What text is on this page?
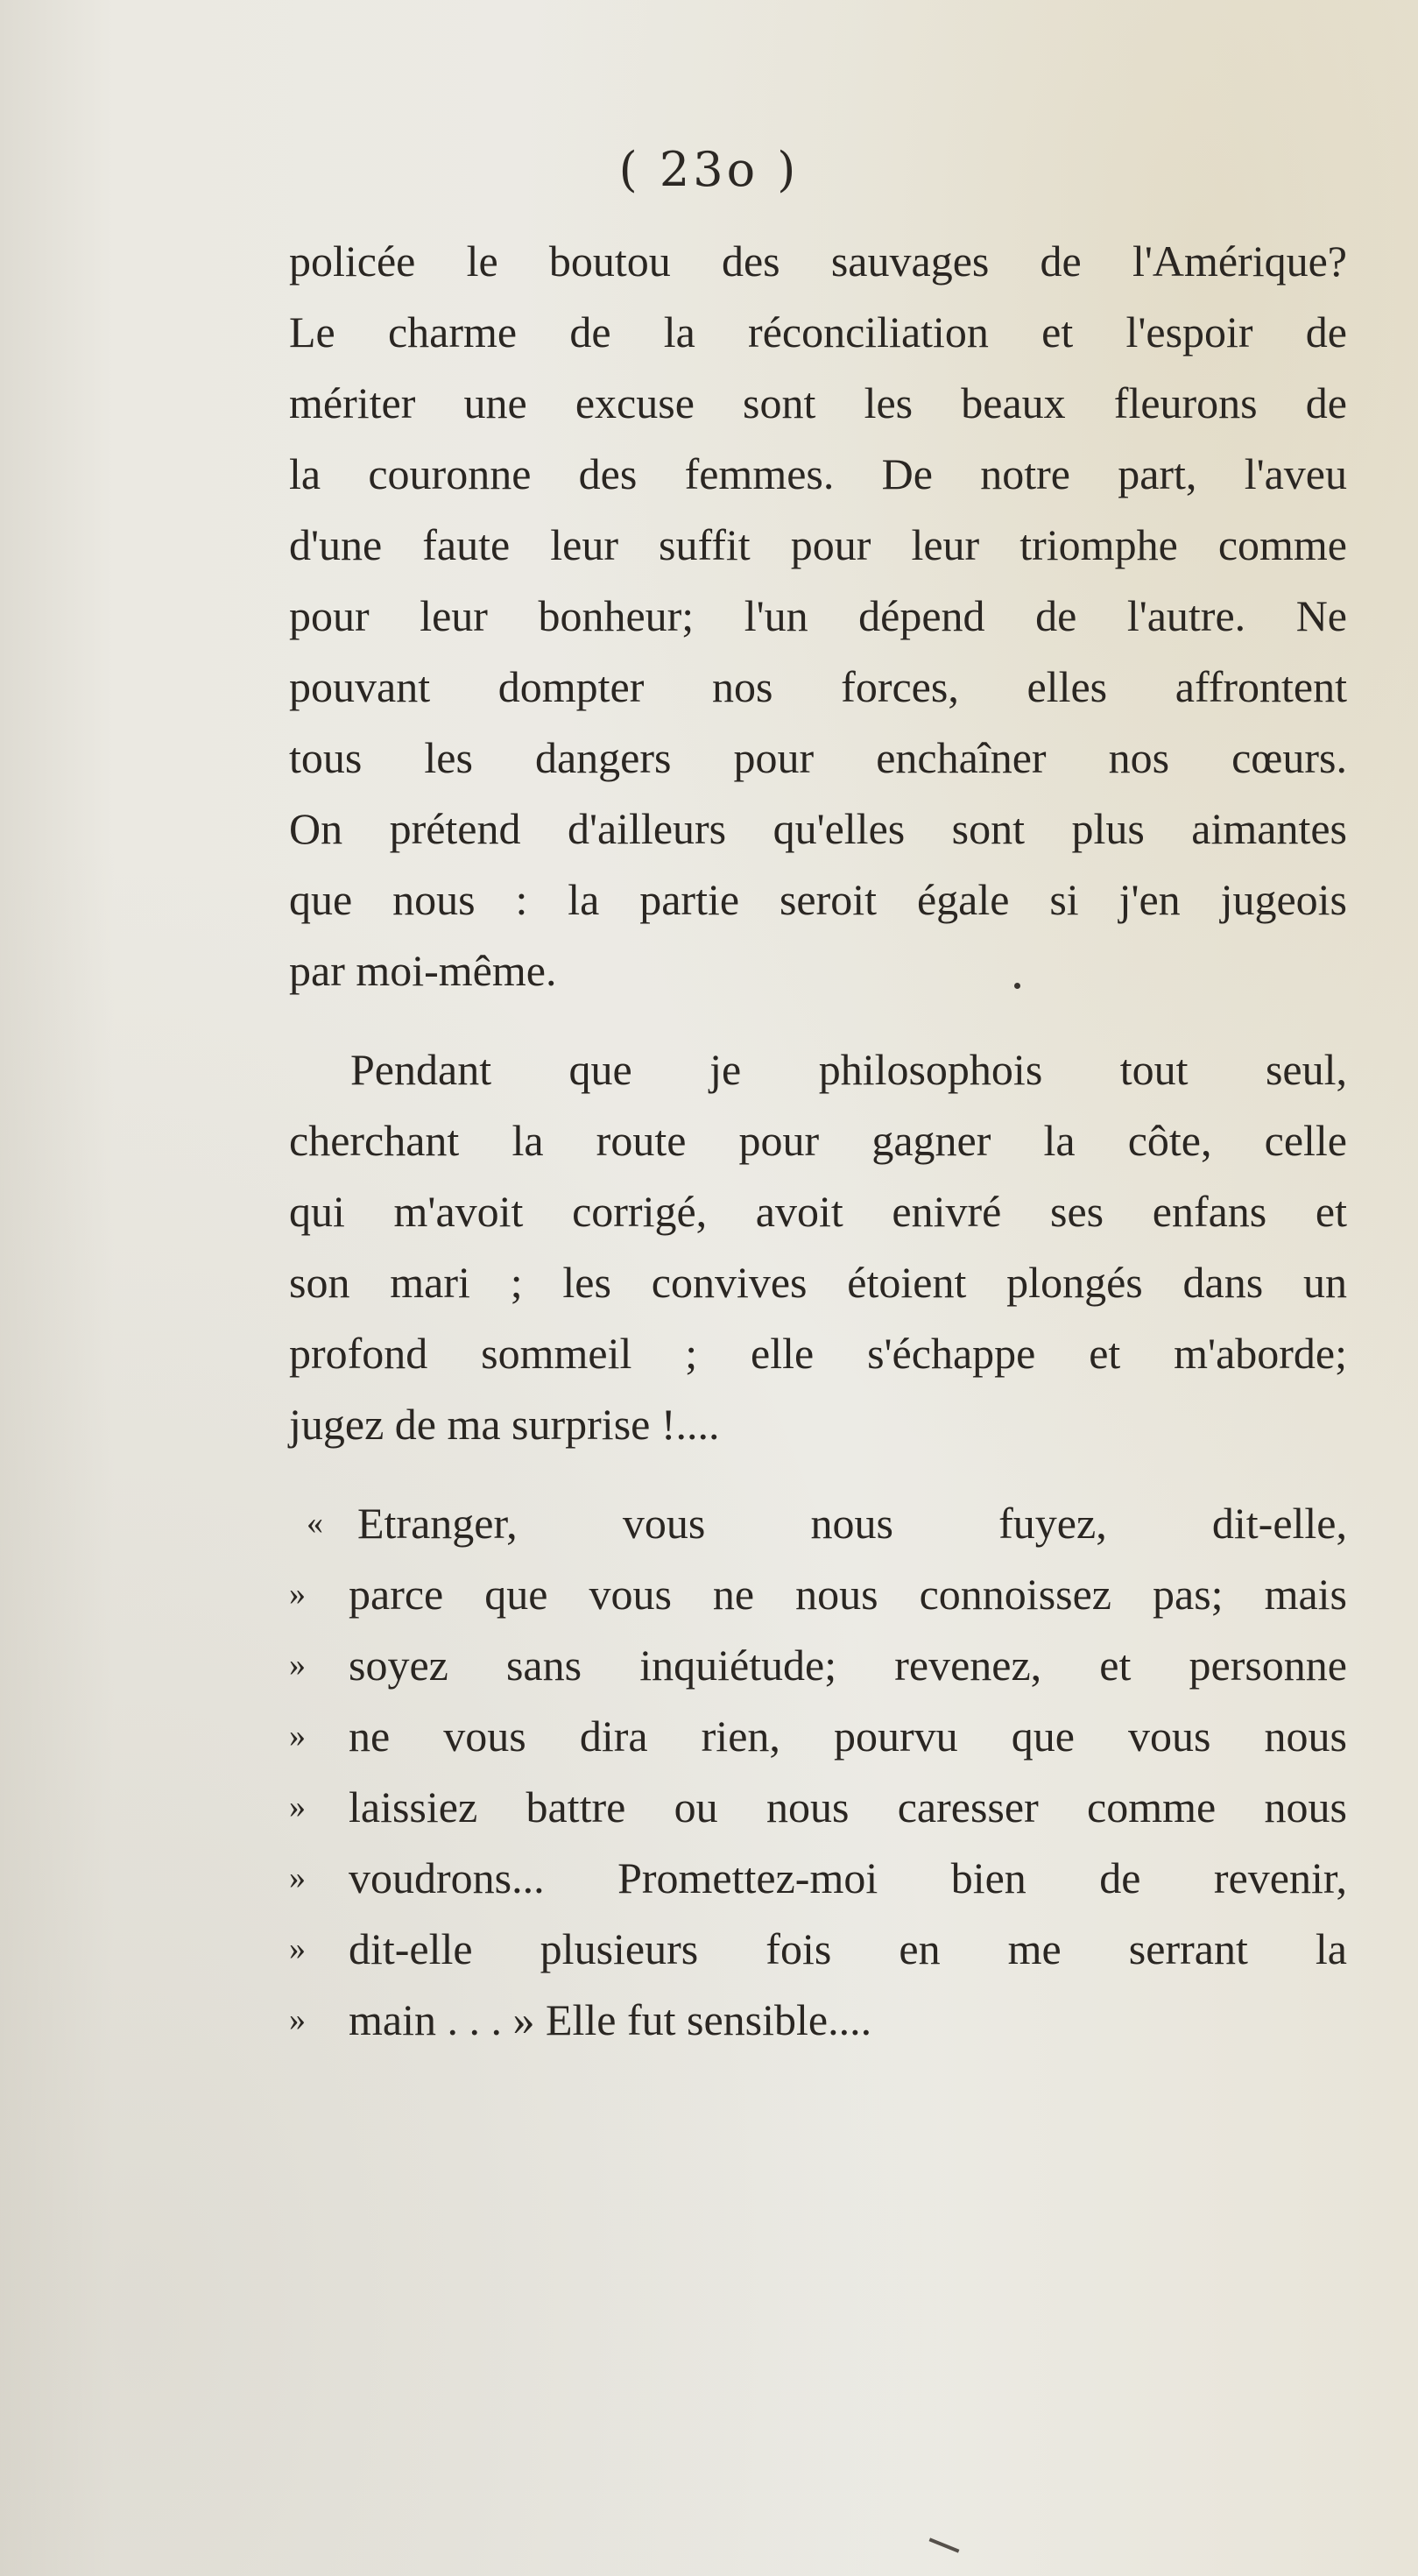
( 23o )
policée le boutou des sauvages de l'Amérique?
Le charme de la réconciliation et l'espoir de
mériter une excuse sont les beaux fleurons de
la couronne des femmes. De notre part, l'aveu
d'une faute leur suffit pour leur triomphe comme
pour leur bonheur; l'un dépend de l'autre. Ne
pouvant dompter nos forces, elles affrontent
tous les dangers pour enchaîner nos cœurs.
On prétend d'ailleurs qu'elles sont plus aimantes
que nous : la partie seroit égale si j'en jugeois
par moi-même.
Pendant que je philosophois tout seul,
cherchant la route pour gagner la côte, celle
qui m'avoit corrigé, avoit enivré ses enfans et
son mari ; les convives étoient plongés dans un
profond sommeil ; elle s'échappe et m'aborde;
jugez de ma surprise !....
« Etranger, vous nous fuyez, dit-elle,
» parce que vous ne nous connoissez pas; mais
» soyez sans inquiétude; revenez, et personne
» ne vous dira rien, pourvu que vous nous
» laissiez battre ou nous caresser comme nous
» voudrons... Promettez-moi bien de revenir,
» dit-elle plusieurs fois en me serrant la
» main . . . » Elle fut sensible....
